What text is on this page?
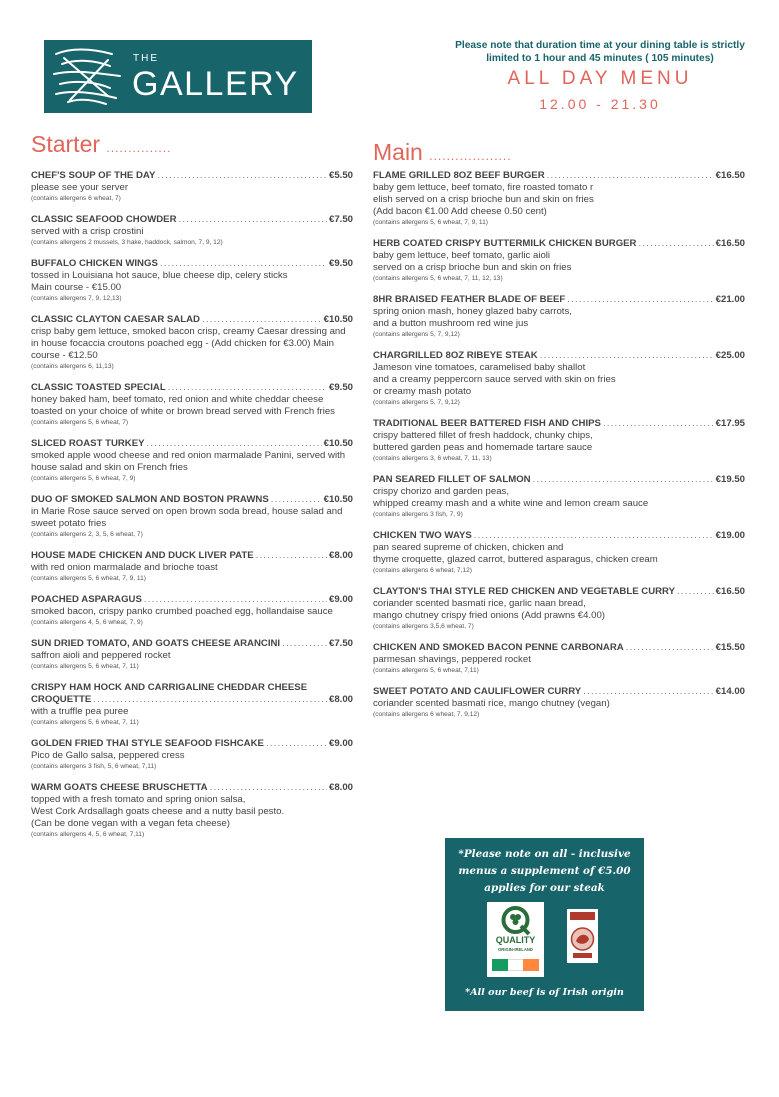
THE
GALLERY
Please note that duration time at your dining table is strictly limited to 1 hour and 45 minutes ( 105 minutes)
ALL DAY MENU
12.00 - 21.30
Starter ...............	Main ...................
CHEF'S SOUP OF THE DAY .....	€5.50
please see your server
(contains allergens 6 wheat, 7)
CLASSIC SEAFOOD CHOWDER .....	€7.50
served with a crisp crostini
(contains allergens 2 mussels, 3 hake, haddock, salmon, 7, 9, 12)
BUFFALO CHICKEN WINGS .....	€9.50
tossed in Louisiana hot sauce, blue cheese dip, celery sticks
Main course - €15.00
(contains allergens 7, 9, 12,13)
CLASSIC CLAYTON CAESAR SALAD .....	€10.50
crisp baby gem lettuce, smoked bacon crisp, creamy Caesar dressing and in house focaccia croutons poached egg - (Add chicken for €3.00) Main course - €12.50
(contains allergens 6, 11,13)
CLASSIC TOASTED SPECIAL .....	€9.50
honey baked ham, beef tomato, red onion and white cheddar cheese toasted on your choice of white or brown bread served with French fries
(contains allergens 5, 6 wheat, 7)
SLICED ROAST TURKEY .....	€10.50
smoked apple wood cheese and red onion marmalade Panini, served with house salad and skin on French fries
(contains allergens 5, 6 wheat, 7, 9)
DUO OF SMOKED SALMON AND BOSTON PRAWNS .....	€10.50
in Marie Rose sauce served on open brown soda bread, house salad and sweet potato fries
(contains allergens 2, 3, 5, 6 wheat, 7)
HOUSE MADE CHICKEN AND DUCK LIVER PATE .....	€8.00
with red onion marmalade and brioche toast
(contains allergens 5, 6 wheat, 7, 9, 11)
POACHED ASPARAGUS .....	€9.00
smoked bacon, crispy panko crumbed poached egg, hollandaise sauce
(contains allergens 4, 5, 6 wheat, 7, 9)
SUN DRIED TOMATO, AND GOATS CHEESE ARANCINI .....	€7.50
saffron aioli and peppered rocket
(contains allergens 5, 6 wheat, 7, 11)
CRISPY HAM HOCK AND CARRIGALINE CHEDDAR CHEESE
CROQUETTE .....	€8.00
with a truffle pea puree
(contains allergens 5, 6 wheat, 7, 11)
GOLDEN FRIED THAI STYLE SEAFOOD FISHCAKE .....	€9.00
Pico de Gallo salsa, peppered cress
(contains allergens 3 fish, 5, 6 wheat, 7,11)
WARM GOATS CHEESE BRUSCHETTA .....	€8.00
topped with a fresh tomato and spring onion salsa,
West Cork Ardsallagh goats cheese and a nutty basil pesto.
(Can be done vegan with a vegan feta cheese)
(contains allergens 4, 5, 6 wheat, 7,11)
FLAME GRILLED 8OZ BEEF BURGER .....	€16.50
baby gem lettuce, beef tomato, fire roasted tomato r
elish served on a crisp brioche bun and skin on fries
(Add bacon €1.00 Add cheese 0.50 cent)
(contains allergens 5, 6 wheat, 7, 9, 11)
HERB COATED CRISPY BUTTERMILK CHICKEN BURGER .....	€16.50
baby gem lettuce, beef tomato, garlic aioli
served on a crisp brioche bun and skin on fries
(contains allergens 5, 6 wheat, 7, 11, 12, 13)
8HR BRAISED FEATHER BLADE OF BEEF .....	€21.00
spring onion mash, honey glazed baby carrots,
and a button mushroom red wine jus
(contains allergens 5, 7, 9,12)
CHARGRILLED 8OZ RIBEYE STEAK .....	€25.00
Jameson vine tomatoes, caramelised baby shallot
and a creamy peppercorn sauce served with skin on fries
or creamy mash potato
(contains allergens 5, 7, 9,12)
TRADITIONAL BEER BATTERED FISH AND CHIPS .....	€17.95
crispy battered fillet of fresh haddock, chunky chips,
buttered garden peas and homemade tartare sauce
(contains allergens 3, 6 wheat, 7, 11, 13)
PAN SEARED FILLET OF SALMON .....	€19.50
crispy chorizo and garden peas,
whipped creamy mash and a white wine and lemon cream sauce
(contains allergens 3 fish, 7, 9)
CHICKEN TWO WAYS .....	€19.00
pan seared supreme of chicken, chicken and
thyme croquette, glazed carrot, buttered asparagus, chicken cream
(contains allergens 6 wheat, 7,12)
CLAYTON'S THAI STYLE RED CHICKEN AND VEGETABLE CURRY .....	€16.50
coriander scented basmati rice, garlic naan bread,
mango chutney crispy fried onions (Add prawns €4.00)
(contains allergens 3,5,6 wheat, 7)
CHICKEN AND SMOKED BACON PENNE CARBONARA .....	€15.50
parmesan shavings, peppered rocket
(contains allergens 5, 6 wheat, 7,11)
SWEET POTATO AND CAULIFLOWER CURRY .....	€14.00
coriander scented basmati rice, mango chutney (vegan)
(contains allergens 6 wheat, 7, 9,12)
*Please note on all - inclusive
menus a supplement of €5.00
applies for our steak
QUALITY
ORIGIN-IRELAND
*All our beef is of Irish origin
